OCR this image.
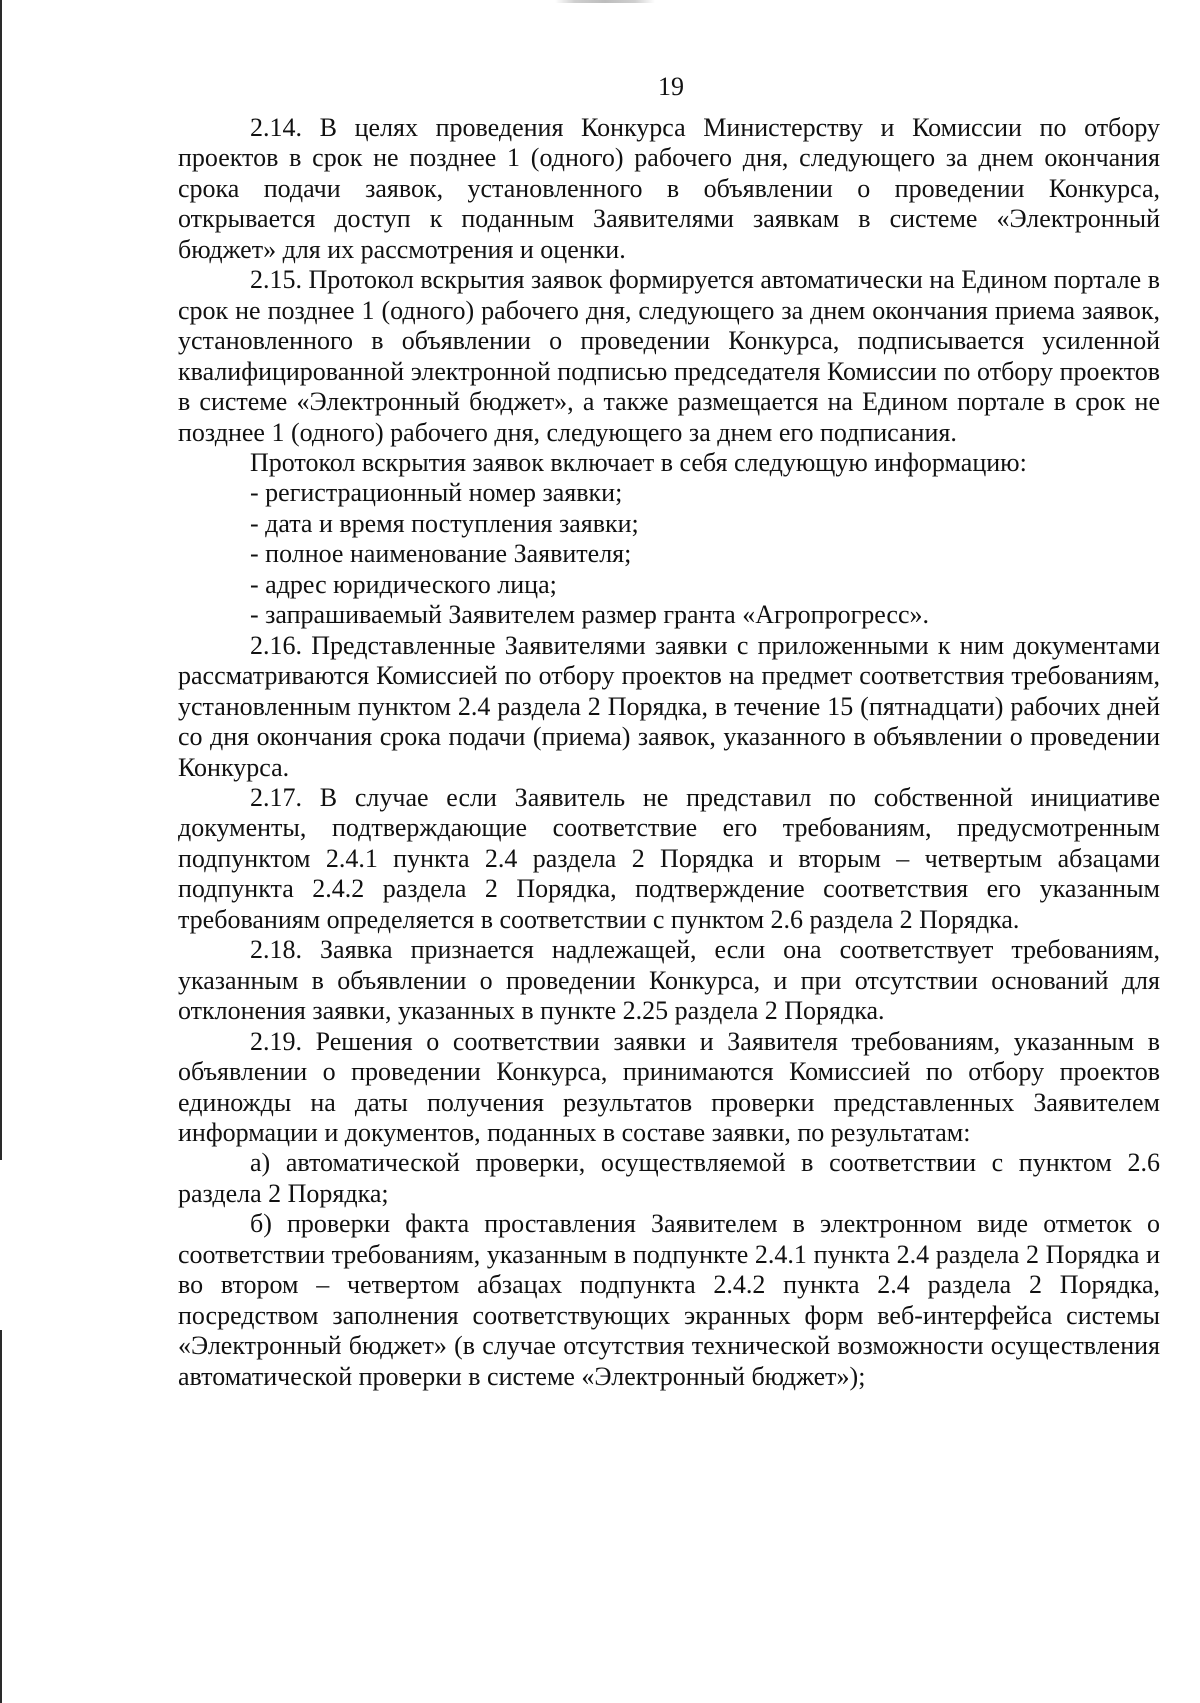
19

2.14. В целях проведения Конкурса Министерству и Комиссии по отбору проектов в срок не позднее 1 (одного) рабочего дня, следующего за днем окончания срока подачи заявок, установленного в объявлении о проведении Конкурса, открывается доступ к поданным Заявителями заявкам в системе «Электронный бюджет» для их рассмотрения и оценки.

2.15. Протокол вскрытия заявок формируется автоматически на Едином портале в срок не позднее 1 (одного) рабочего дня, следующего за днем окончания приема заявок, установленного в объявлении о проведении Конкурса, подписывается усиленной квалифицированной электронной подписью председателя Комиссии по отбору проектов в системе «Электронный бюджет», а также размещается на Едином портале в срок не позднее 1 (одного) рабочего дня, следующего за днем его подписания.

Протокол вскрытия заявок включает в себя следующую информацию:

- регистрационный номер заявки;

- дата и время поступления заявки;

- полное наименование Заявителя;

- адрес юридического лица;

- запрашиваемый Заявителем размер гранта «Агропрогресс».

2.16. Представленные Заявителями заявки с приложенными к ним документами рассматриваются Комиссией по отбору проектов на предмет соответствия требованиям, установленным пунктом 2.4 раздела 2 Порядка, в течение 15 (пятнадцати) рабочих дней со дня окончания срока подачи (приема) заявок, указанного в объявлении о проведении Конкурса.

2.17. В случае если Заявитель не представил по собственной инициативе документы, подтверждающие соответствие его требованиям, предусмотренным подпунктом 2.4.1 пункта 2.4 раздела 2 Порядка и вторым – четвертым абзацами подпункта 2.4.2 раздела 2 Порядка, подтверждение соответствия его указанным требованиям определяется в соответствии с пунктом 2.6 раздела 2 Порядка.

2.18. Заявка признается надлежащей, если она соответствует требованиям, указанным в объявлении о проведении Конкурса, и при отсутствии оснований для отклонения заявки, указанных в пункте 2.25 раздела 2 Порядка.

2.19. Решения о соответствии заявки и Заявителя требованиям, указанным в объявлении о проведении Конкурса, принимаются Комиссией по отбору проектов единожды на даты получения результатов проверки представленных Заявителем информации и документов, поданных в составе заявки, по результатам:

а) автоматической проверки, осуществляемой в соответствии с пунктом 2.6 раздела 2 Порядка;

б) проверки факта проставления Заявителем в электронном виде отметок о соответствии требованиям, указанным в подпункте 2.4.1 пункта 2.4 раздела 2 Порядка и во втором – четвертом абзацах подпункта 2.4.2 пункта 2.4 раздела 2 Порядка, посредством заполнения соответствующих экранных форм веб-интерфейса системы «Электронный бюджет» (в случае отсутствия технической возможности осуществления автоматической проверки в системе «Электронный бюджет»);
